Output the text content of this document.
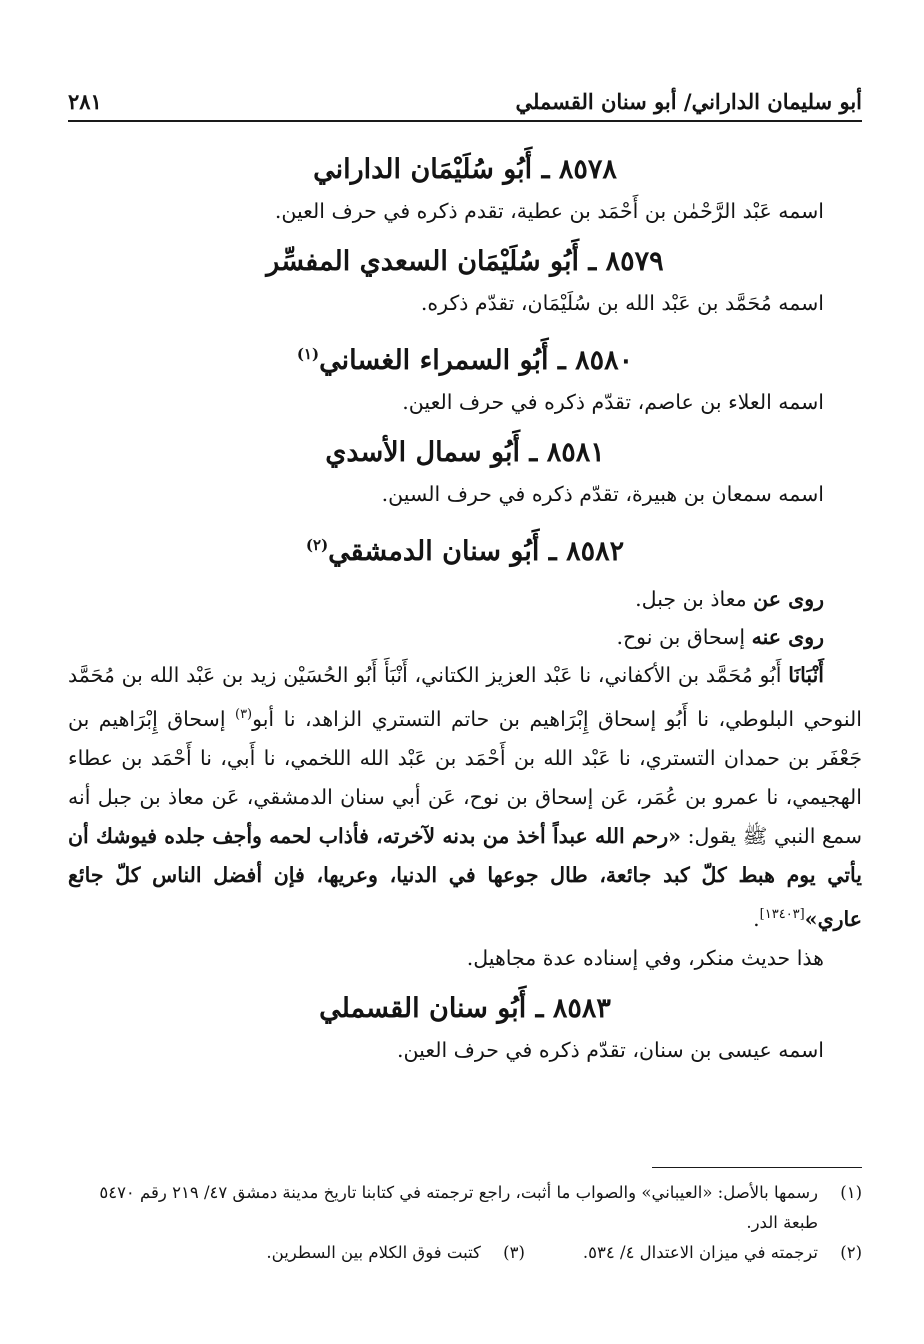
أبو سليمان الداراني/ أبو سنان القسملي
٢٨١

٨٥٧٨ ـ أَبُو سُلَيْمَان الداراني

اسمه عَبْد الرَّحْمٰن بن أَحْمَد بن عطية، تقدم ذكره في حرف العين.

٨٥٧٩ ـ أَبُو سُلَيْمَان السعدي المفسِّر

اسمه مُحَمَّد بن عَبْد الله بن سُلَيْمَان، تقدّم ذكره.

٨٥٨٠ ـ أَبُو السمراء الغساني$^{(١)}$

اسمه العلاء بن عاصم، تقدّم ذكره في حرف العين.

٨٥٨١ ـ أَبُو سمال الأسدي

اسمه سمعان بن هبيرة، تقدّم ذكره في حرف السين.

٨٥٨٢ ـ أَبُو سنان الدمشقي$^{(٢)}$

روى عن معاذ بن جبل.

روى عنه إسحاق بن نوح.

أَنْبَانَا أَبُو مُحَمَّد بن الأكفاني، نا عَبْد العزيز الكتاني، أَنْبَأَ أَبُو الحُسَيْن زيد بن عَبْد الله بن مُحَمَّد النوحي البلوطي، نا أَبُو إسحاق إِبْرَاهيم بن حاتم التستري الزاهد، نا أبو$^{(٣)}$ إسحاق إِبْرَاهيم بن جَعْفَر بن حمدان التستري، نا عَبْد الله بن أَحْمَد بن عَبْد الله اللخمي، نا أَبي، نا أَحْمَد بن عطاء الهجيمي، نا عمرو بن عُمَر، عَن إسحاق بن نوح، عَن أبي سنان الدمشقي، عَن معاذ بن جبل أنه سمع النبي ﷺ يقول: «رحم الله عبداً أخذ من بدنه لآخرته، فأذاب لحمه وأجف جلده فيوشك أن يأتي يوم هبط كلّ كبد جائعة، طال جوعها في الدنيا، وعريها، فإن أفضل الناس كلّ جائع عاري»[١٣٤٠٣].

هذا حديث منكر، وفي إسناده عدة مجاهيل.

٨٥٨٣ ـ أَبُو سنان القسملي

اسمه عيسى بن سنان، تقدّم ذكره في حرف العين.

(١)
رسمها بالأصل: «العيباني» والصواب ما أثبت، راجع ترجمته في كتابنا تاريخ مدينة دمشق ٤٧/ ٢١٩ رقم ٥٤٧٠
طبعة الدر.
(٢)
ترجمته في ميزان الاعتدال ٤/ ٥٣٤.
(٣)
كتبت فوق الكلام بين السطرين.
